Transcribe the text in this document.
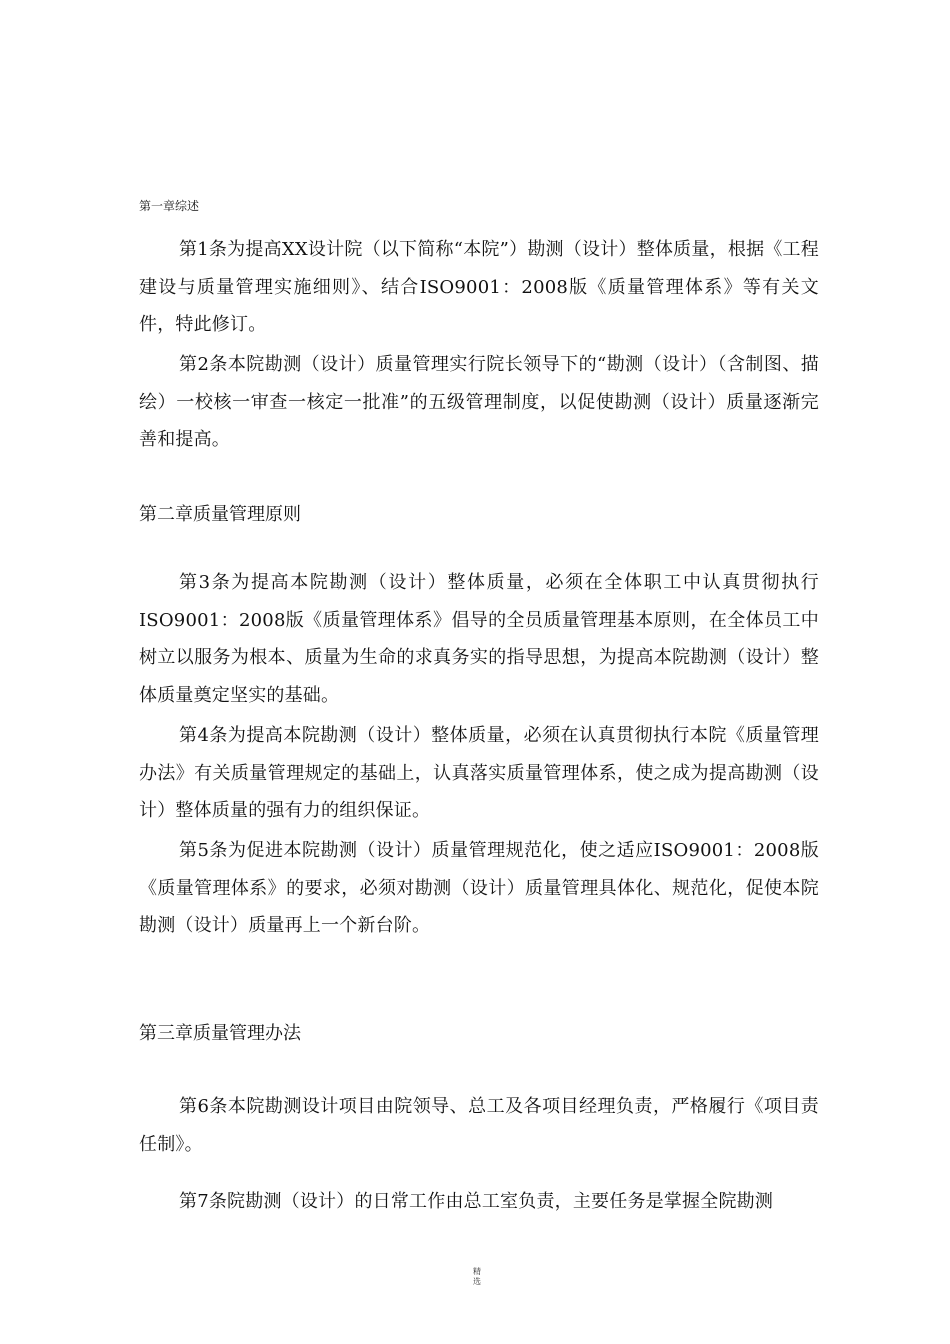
第一章综述

第1条为提高XX设计院（以下简称“本院”）勘测（设计）整体质量，根据《工程建设与质量管理实施细则》、结合ISO9001：2008版《质量管理体系》等有关文件，特此修订。

第2条本院勘测（设计）质量管理实行院长领导下的“勘测（设计）（含制图、描绘）一校核一审查一核定一批准”的五级管理制度，以促使勘测（设计）质量逐渐完善和提高。

第二章质量管理原则

第3条为提高本院勘测（设计）整体质量，必须在全体职工中认真贯彻执行ISO9001：2008版《质量管理体系》倡导的全员质量管理基本原则，在全体员工中树立以服务为根本、质量为生命的求真务实的指导思想，为提高本院勘测（设计）整体质量奠定坚实的基础。

第4条为提高本院勘测（设计）整体质量，必须在认真贯彻执行本院《质量管理办法》有关质量管理规定的基础上，认真落实质量管理体系，使之成为提高勘测（设计）整体质量的强有力的组织保证。

第5条为促进本院勘测（设计）质量管理规范化，使之适应ISO9001：2008版《质量管理体系》的要求，必须对勘测（设计）质量管理具体化、规范化，促使本院勘测（设计）质量再上一个新台阶。

第三章质量管理办法

第6条本院勘测设计项目由院领导、总工及各项目经理负责，严格履行《项目责任制》。

第7条院勘测（设计）的日常工作由总工室负责，主要任务是掌握全院勘测

精选
